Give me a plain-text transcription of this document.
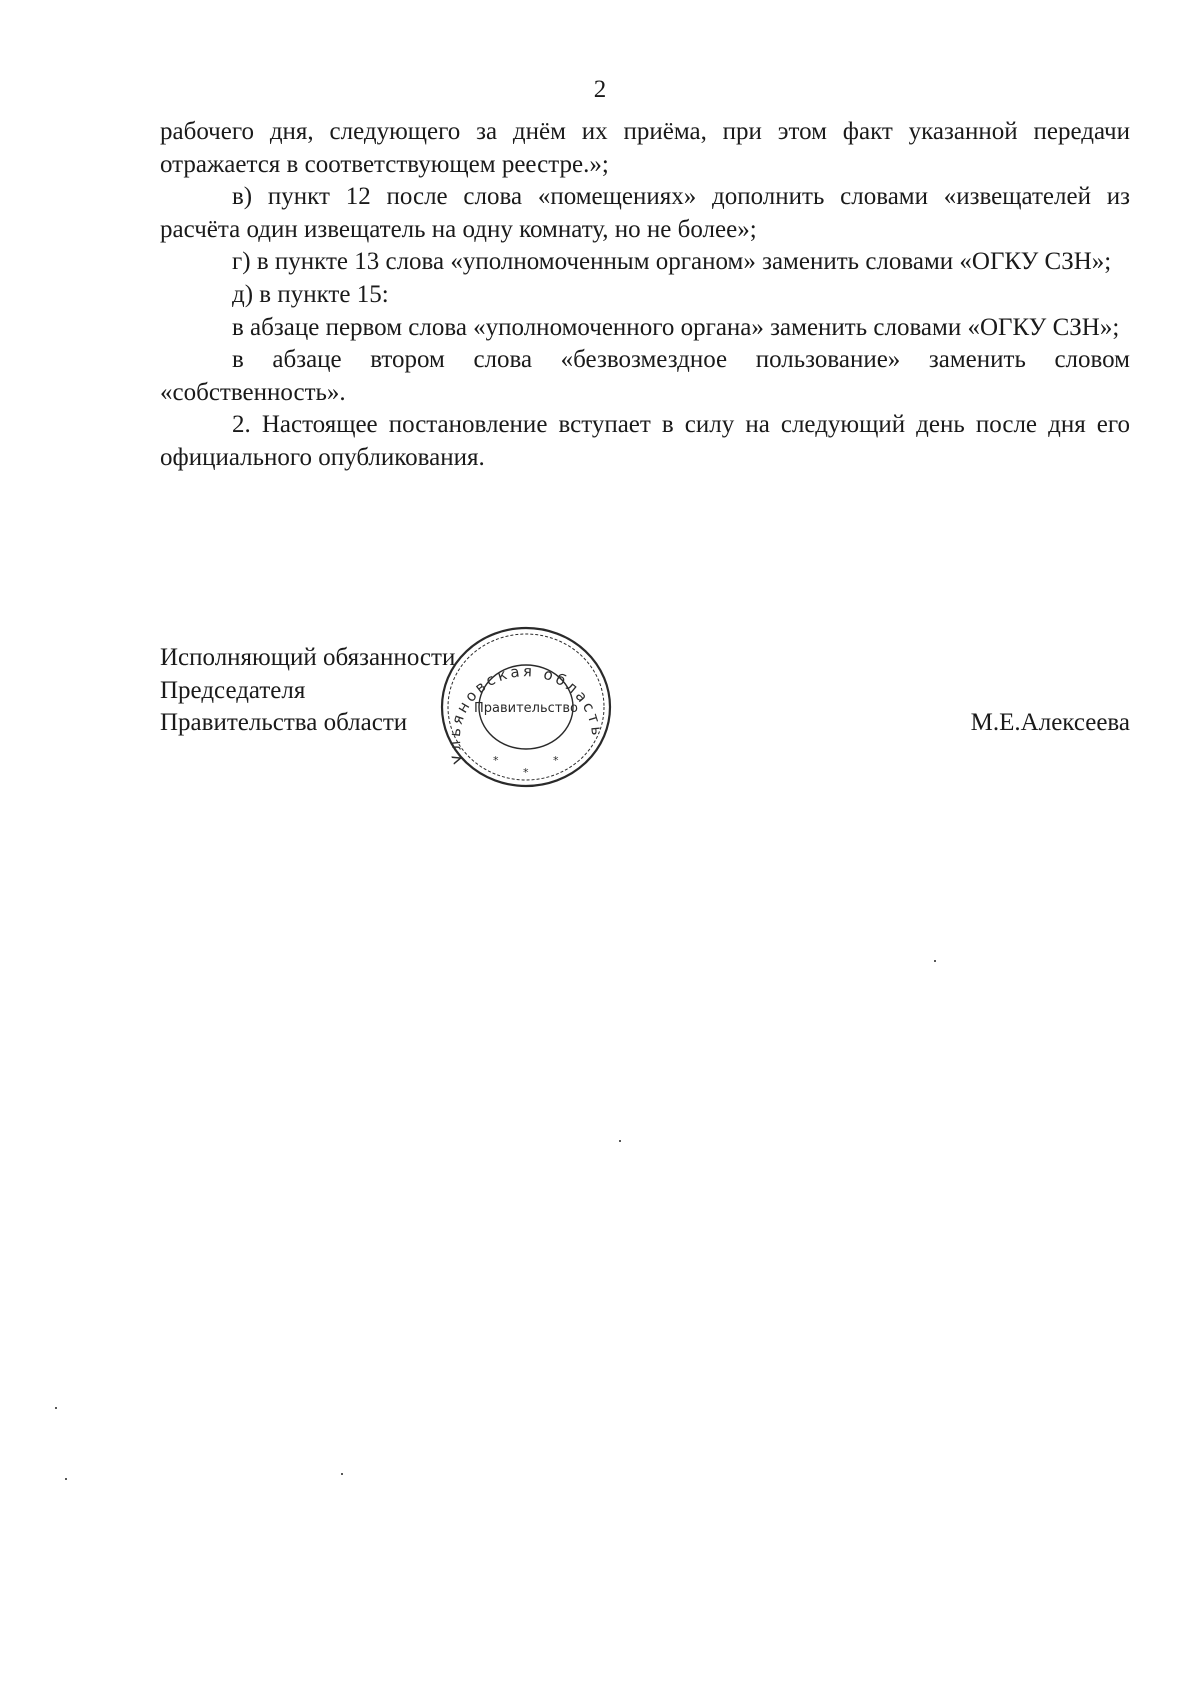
2

рабочего дня, следующего за днём их приёма, при этом факт указанной передачи отражается в соответствующем реестре.»;

в) пункт 12 после слова «помещениях» дополнить словами «извещателей из расчёта один извещатель на одну комнату, но не более»;

г) в пункте 13 слова «уполномоченным органом» заменить словами «ОГКУ СЗН»;

д) в пункте 15:

в абзаце первом слова «уполномоченного органа» заменить словами «ОГКУ СЗН»;

в абзаце втором слова «безвозмездное пользование» заменить словом «собственность».

2. Настоящее постановление вступает в силу на следующий день после дня его официального опубликования.

Исполняющий обязанности
Председателя
Правительства области	М.Е.Алексеева
Ульяновская область
Правительство
*
*
*
